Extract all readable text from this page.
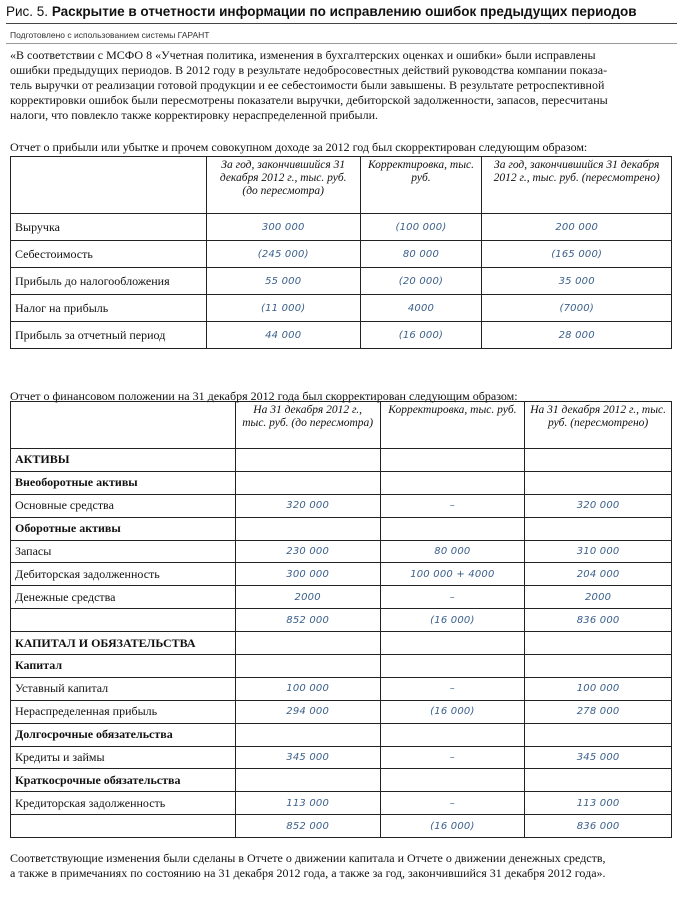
Рис. 5. Раскрытие в отчетности информации по исправлению ошибок предыдущих периодов
Подготовлено с использованием системы ГАРАНТ
«В соответствии с МСФО 8 «Учетная политика, изменения в бухгалтерских оценках и ошибки» были исправлены
ошибки предыдущих периодов. В 2012 году в результате недобросовестных действий руководства компании показа-
тель выручки от реализации готовой продукции и ее себестоимости были завышены. В результате ретроспективной
корректировки ошибок были пересмотрены показатели выручки, дебиторской задолженности, запасов, пересчитаны
налоги, что повлекло также корректировку нераспределенной прибыли.
Отчет о прибыли или убытке и прочем совокупном доходе за 2012 год был скорректирован следующим образом:
	За год, закончившийся 31 декабря 2012 г., тыс. руб. (до пересмотра)	Корректировка, тыс. руб.	За год, закончившийся 31 декабря 2012 г., тыс. руб. (пересмотрено)
Выручка	300 000	(100 000)	200 000
Себестоимость	(245 000)	80 000	(165 000)
Прибыль до налогообложения	55 000	(20 000)	35 000
Налог на прибыль	(11 000)	4000	(7000)
Прибыль за отчетный период	44 000	(16 000)	28 000
Отчет о финансовом положении на 31 декабря 2012 года был скорректирован следующим образом:
	На 31 декабря 2012 г., тыс. руб. (до пересмотра)	Корректировка, тыс. руб.	На 31 декабря 2012 г., тыс. руб. (пересмотрено)
АКТИВЫ			
Внеоборотные активы			
Основные средства	320 000	–	320 000
Оборотные активы			
Запасы	230 000	80 000	310 000
Дебиторская задолженность	300 000	100 000 + 4000	204 000
Денежные средства	2000	–	2000
	852 000	(16 000)	836 000
КАПИТАЛ И ОБЯЗАТЕЛЬСТВА			
Капитал			
Уставный капитал	100 000	–	100 000
Нераспределенная прибыль	294 000	(16 000)	278 000
Долгосрочные обязательства			
Кредиты и займы	345 000	–	345 000
Краткосрочные обязательства			
Кредиторская задолженность	113 000	–	113 000
	852 000	(16 000)	836 000
Соответствующие изменения были сделаны в Отчете о движении капитала и Отчете о движении денежных средств,
а также в примечаниях по состоянию на 31 декабря 2012 года, а также за год, закончившийся 31 декабря 2012 года».
